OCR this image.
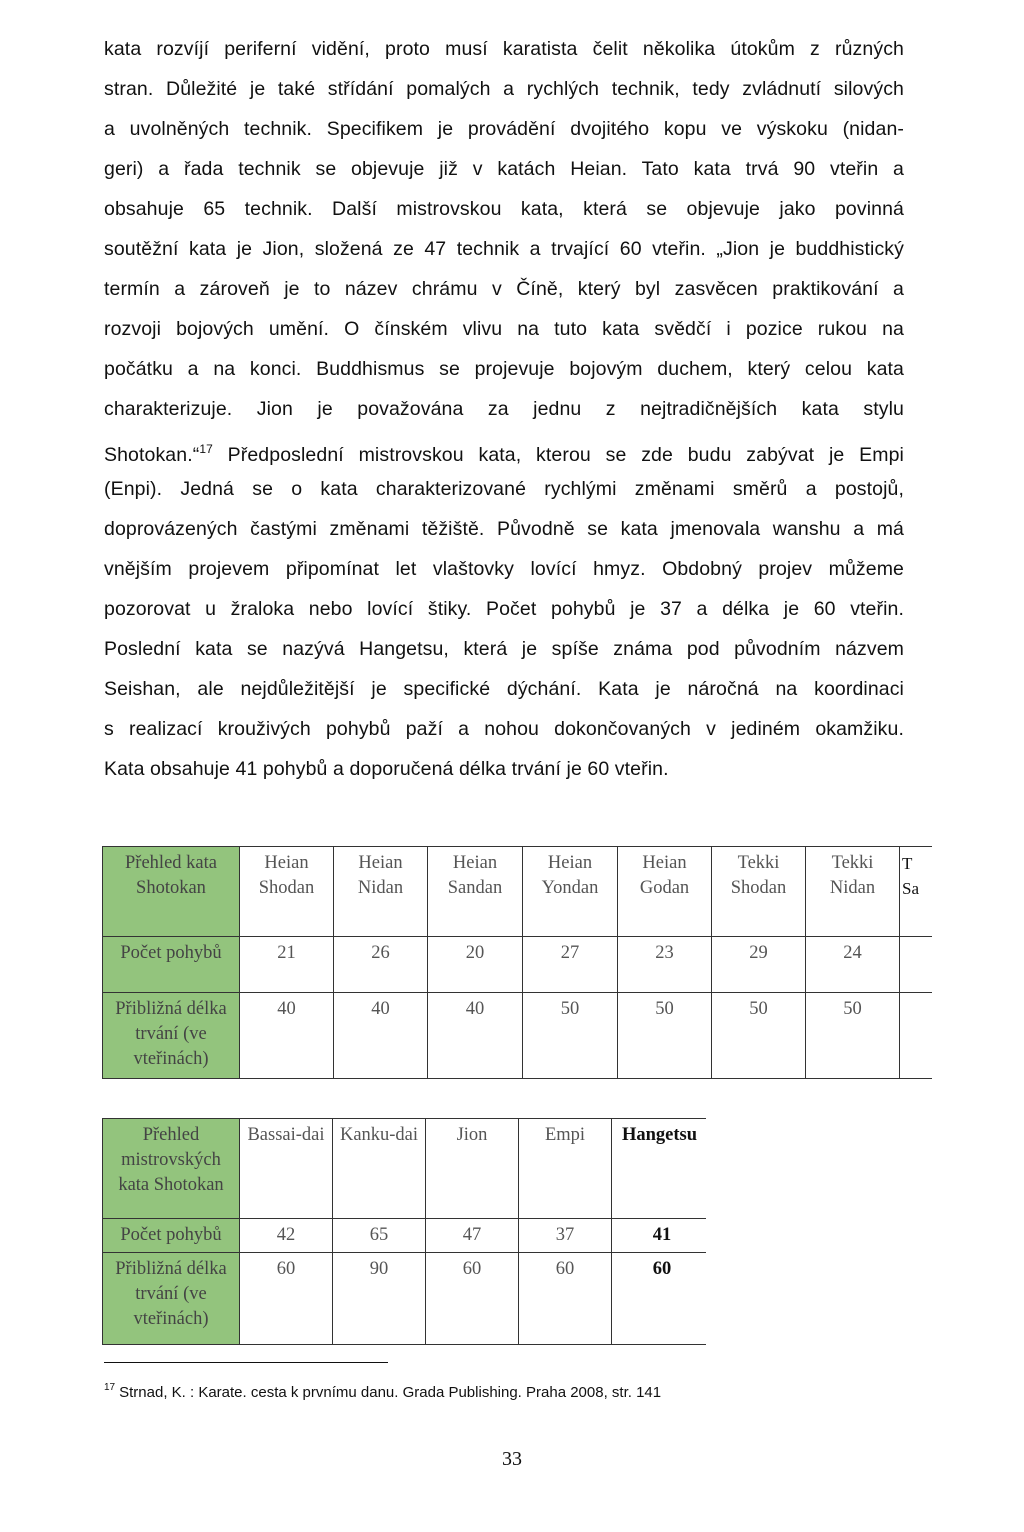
kata rozvíjí periferní vidění, proto musí karatista čelit několika útokům z různých
stran. Důležité je také střídání pomalých a rychlých technik, tedy zvládnutí silových
a uvolněných technik. Specifikem je provádění dvojitého kopu ve výskoku (nidan-
geri) a řada technik se objevuje již v katách Heian. Tato kata trvá 90 vteřin a
obsahuje 65 technik. Další mistrovskou kata, která se objevuje jako povinná
soutěžní kata je Jion, složená ze 47 technik a trvající 60 vteřin. „Jion je buddhistický
termín a zároveň je to název chrámu v Číně, který byl zasvěcen praktikování a
rozvoji bojových umění. O čínském vlivu na tuto kata svědčí i pozice rukou na
počátku a na konci. Buddhismus se projevuje bojovým duchem, který celou kata
charakterizuje. Jion je považována za jednu z nejtradičnějších kata stylu
Shotokan.“$^{17}$ Předposlední mistrovskou kata, kterou se zde budu zabývat je Empi
(Enpi). Jedná se o kata charakterizované rychlými změnami směrů a postojů,
doprovázených častými změnami těžiště. Původně se kata jmenovala wanshu a má
vnějším projevem připomínat let vlaštovky lovící hmyz. Obdobný projev můžeme
pozorovat u žraloka nebo lovící štiky. Počet pohybů je 37 a délka je 60 vteřin.
Poslední kata se nazývá Hangetsu, která je spíše známa pod původním názvem
Seishan, ale nejdůležitější je specifické dýchání. Kata je náročná na koordinaci
s realizací krouživých pohybů paží a nohou dokončovaných v jediném okamžiku.
Kata obsahuje 41 pohybů a doporučená délka trvání je 60 vteřin.
Přehled kata Shotokan	Heian Shodan	Heian Nidan	Heian Sandan	Heian Yondan	Heian Godan	Tekki Shodan	Tekki Nidan	T Sa
Počet pohybů	21	26	20	27	23	29	24	
Přibližná délka trvání (ve vteřinách)	40	40	40	50	50	50	50	
Přehled mistrovských kata Shotokan	Bassai-dai	Kanku-dai	Jion	Empi	Hangetsu
Počet pohybů	42	65	47	37	41
Přibližná délka trvání (ve vteřinách)	60	90	60	60	60
$^{17}$ Strnad, K. : Karate. cesta k prvnímu danu. Grada Publishing. Praha 2008, str. 141
33
